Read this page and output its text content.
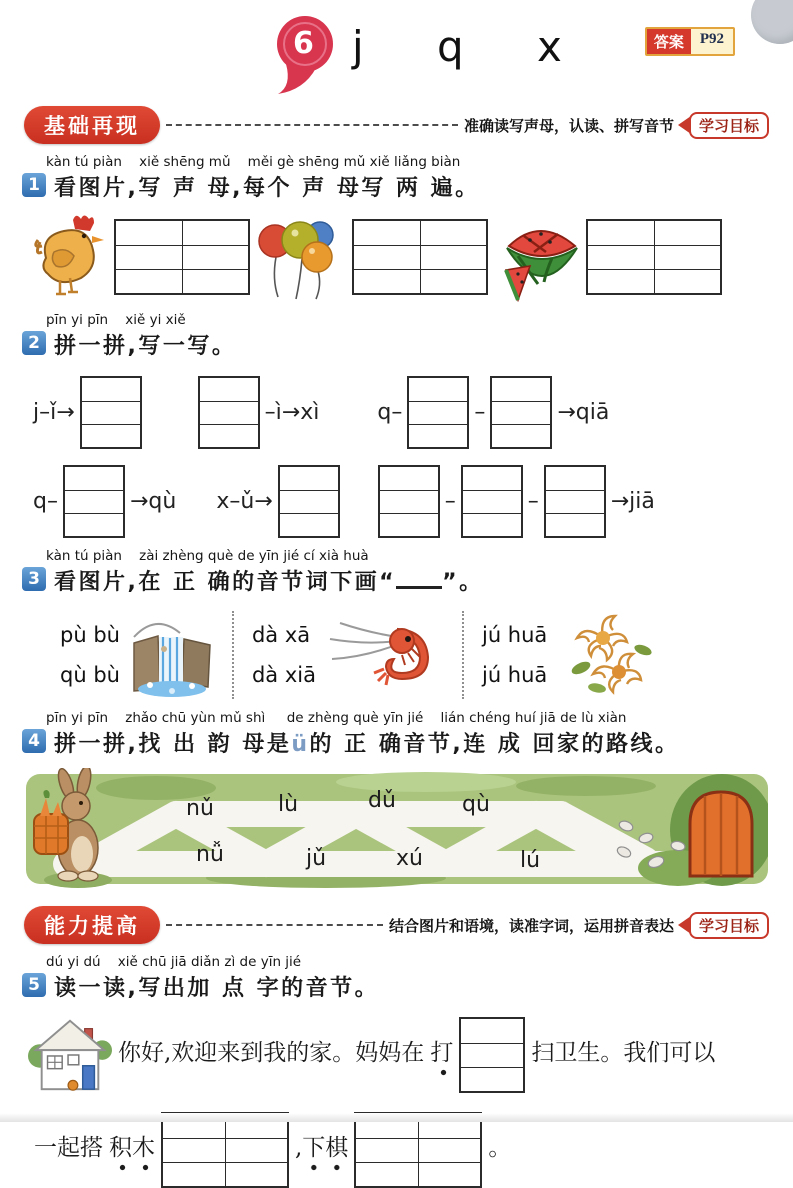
6 j q x	答案	P92
基础再现	准确读写声母，认读、拼写音节	学习目标
kàn tú piàn    xiě shēng mǔ    měi gè shēng mǔ xiě liǎng biàn
1 看图片,写 声 母,每个 声 母写 两 遍。
pīn yi pīn    xiě yi xiě
2 拼一拼,写一写。
j–ǐ→	–ì→xì	q–	–	→qiā
q–	→qù x–ǔ→	–	–	→jiā
kàn tú piàn    zài zhèng què de yīn jié cí xià huà
3 看图片,在 正 确的音节词下画“ ”。
pù bù
qù bù
dà xā
dà xiā
jú huā
jú huā
pīn yi pīn    zhǎo chū yùn mǔ shì     de zhèng què yīn jié    lián chéng huí jiā de lù xiàn
4 拼一拼,找 出 韵 母是ü的 正 确音节,连 成 回家的路线。
nǔ	lù	dǔ	qù
nǚ	jǔ	xú	lú
能力提高	结合图片和语境，读准字词，运用拼音表达	学习目标
dú yi dú    xiě chū jiā diǎn zì de yīn jié
5 读一读,写出加 点 字的音节。
你好,欢迎来到我的家。妈妈在 打	扫卫生。我们可以
一起搭 积木	,下棋	。
